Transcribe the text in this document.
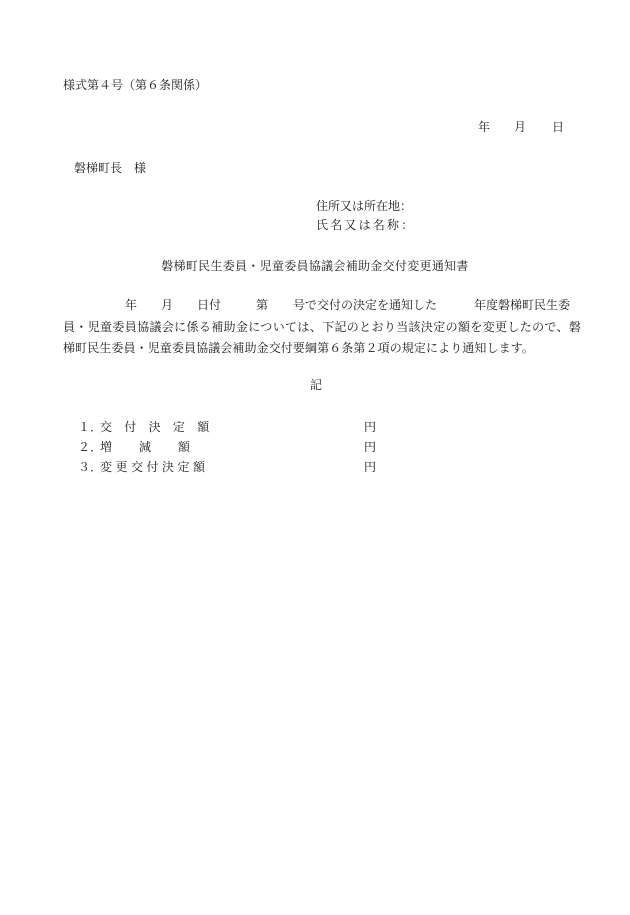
様式第４号（第６条関係）
年 月 日
磐梯町長　様
住所又は所在地：
氏名又は名称：
磐梯町民生委員・児童委員協議会補助金交付変更通知書
年 月 日付	第 号で交付の決定を通知した	年度磐梯町民生委
員・児童委員協議会に係る補助金については、下記のとおり当該決定の額を変更したので、磐
梯町民生委員・児童委員協議会補助金交付要綱第６条第２項の規定により通知します。
記
１．
交付決定額	円
２．
増減額	円
３．
変更交付決定額	円
